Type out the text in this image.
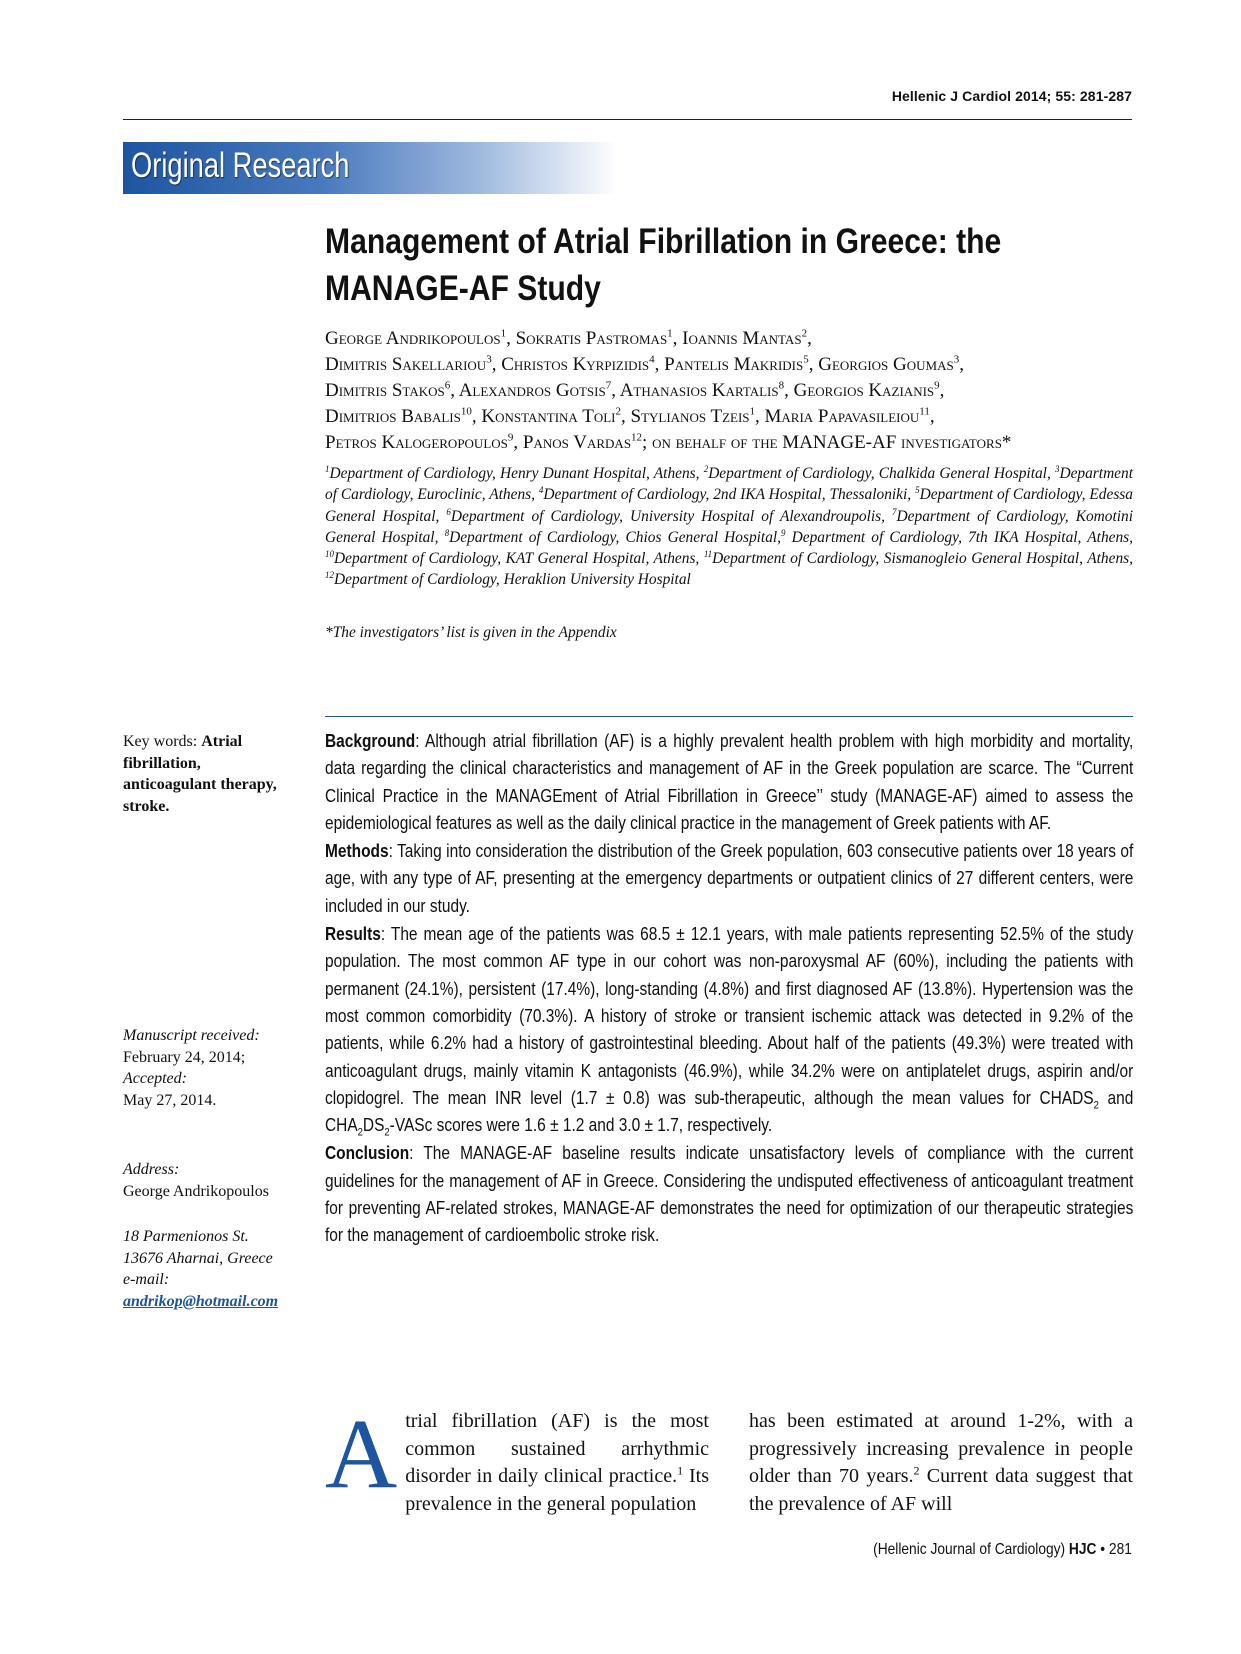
Hellenic J Cardiol 2014; 55: 281-287
Original Research
Management of Atrial Fibrillation in Greece: the MANAGE-AF Study
George Andrikopoulos$^1$, Sokratis Pastromas$^1$, Ioannis Mantas$^2$,
Dimitris Sakellariou$^3$, Christos Kyrpizidis$^4$, Pantelis Makridis$^5$, Georgios Goumas$^3$,
Dimitris Stakos$^6$, Alexandros Gotsis$^7$, Athanasios Kartalis$^8$, Georgios Kazianis$^9$,
Dimitrios Babalis$^{10}$, Konstantina Toli$^2$, Stylianos Tzeis$^1$, Maria Papavasileiou$^{11}$,
Petros Kalogeropoulos$^9$, Panos Vardas$^{12}$; on behalf of the MANAGE-AF investigators*
$^1$Department of Cardiology, Henry Dunant Hospital, Athens, $^2$Department of Cardiology, Chalkida General Hospital, $^3$Department of Cardiology, Euroclinic, Athens, $^4$Department of Cardiology, 2nd IKA Hospital, Thessaloniki, $^5$Department of Cardiology, Edessa General Hospital, $^6$Department of Cardiology, University Hospital of Alexandroupolis, $^7$Department of Cardiology, Komotini General Hospital, $^8$Department of Cardiology, Chios General Hospital,$^9$ Department of Cardiology, 7th IKA Hospital, Athens, $^{10}$Department of Cardiology, KAT General Hospital, Athens, $^{11}$Department of Cardiology, Sismanogleio General Hospital, Athens, $^{12}$Department of Cardiology, Heraklion University Hospital
*The investigators’ list is given in the Appendix

Background: Although atrial fibrillation (AF) is a highly prevalent health problem with high morbidity and mortality, data regarding the clinical characteristics and management of AF in the Greek population are scarce. The “Current Clinical Practice in the MANAGEment of Atrial Fibrillation in Greece’’ study (MANAGE-AF) aimed to assess the epidemiological features as well as the daily clinical practice in the management of Greek patients with AF.

Methods: Taking into consideration the distribution of the Greek population, 603 consecutive patients over 18 years of age, with any type of AF, presenting at the emergency departments or outpatient clinics of 27 different centers, were included in our study.

Results: The mean age of the patients was 68.5 ± 12.1 years, with male patients representing 52.5% of the study population. The most common AF type in our cohort was non-paroxysmal AF (60%), including the patients with permanent (24.1%), persistent (17.4%), long-standing (4.8%) and first diagnosed AF (13.8%). Hypertension was the most common comorbidity (70.3%). A history of stroke or transient ischemic attack was detected in 9.2% of the patients, while 6.2% had a history of gastrointestinal bleeding. About half of the patients (49.3%) were treated with anticoagulant drugs, mainly vitamin K antagonists (46.9%), while 34.2% were on antiplatelet drugs, aspirin and/or clopidogrel. The mean INR level (1.7 ± 0.8) was sub-therapeutic, although the mean values for $CHADS_2$ and $CHA_2DS_2$-VASc scores were 1.6 ± 1.2 and 3.0 ± 1.7, respectively.

Conclusion: The MANAGE-AF baseline results indicate unsatisfactory levels of compliance with the current guidelines for the management of AF in Greece. Considering the undisputed effectiveness of anticoagulant treatment for preventing AF-related strokes, MANAGE-AF demonstrates the need for optimization of our therapeutic strategies for the management of cardioembolic stroke risk.

Key words: Atrial fibrillation, anticoagulant therapy, stroke.
Manuscript received:
February 24, 2014;
Accepted:
May 27, 2014.
Address:
George Andrikopoulos
18 Parmenionos St.
13676 Aharnai, Greece
e-mail:
andrikop@hotmail.com
Atrial fibrillation (AF) is the most common sustained arrhythmic disorder in daily clinical practice.$^1$ Its prevalence in the general population
has been estimated at around 1-2%, with a progressively increasing prevalence in people older than 70 years.$^2$ Current data suggest that the prevalence of AF will
(Hellenic Journal of Cardiology) HJC • 281
